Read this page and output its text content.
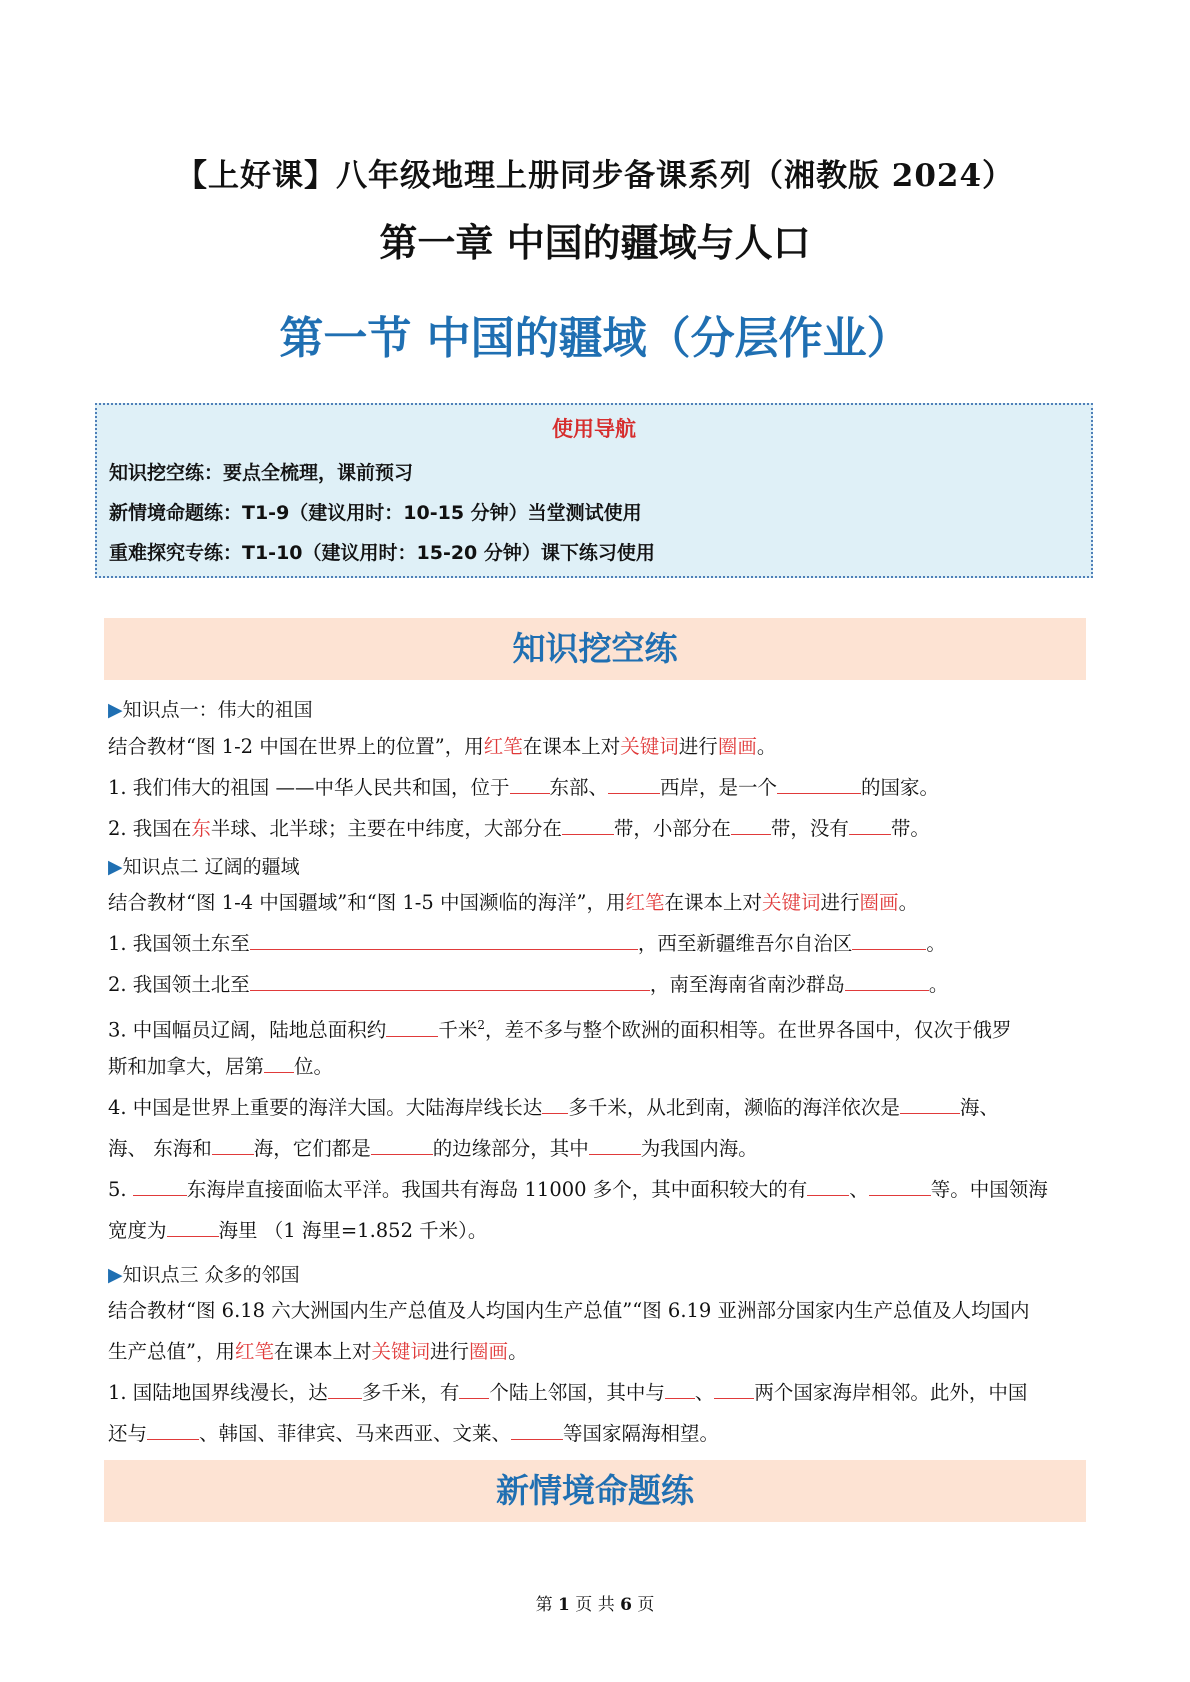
【上好课】八年级地理上册同步备课系列（湘教版 2024）
第一章 中国的疆域与人口
第一节 中国的疆域（分层作业）
使用导航
知识挖空练：要点全梳理，课前预习
新情境命题练：T1-9（建议用时：10-15 分钟）当堂测试使用
重难探究专练：T1-10（建议用时：15-20 分钟）课下练习使用
知识挖空练
▶知识点一：伟大的祖国
结合教材“图 1-2 中国在世界上的位置”，用红笔在课本上对关键词进行圈画。
1. 我们伟大的祖国 ——中华人民共和国，位于 东部、	西岸，是一个	的国家。
2. 我国在东半球、北半球；主要在中纬度，大部分在	带，小部分在 带，没有 带。
▶知识点二 辽阔的疆域
结合教材“图 1-4 中国疆域”和“图 1-5 中国濒临的海洋”，用红笔在课本上对关键词进行圈画。
1. 我国领土东至	，西至新疆维吾尔自治区	。
2. 我国领土北至	，南至海南省南沙群岛	。
3. 中国幅员辽阔，陆地总面积约	千米$^2$，差不多与整个欧洲的面积相等。在世界各国中，仅次于俄罗
斯和加拿大，居第 位。
4. 中国是世界上重要的海洋大国。大陆海岸线长达 多千米，从北到南，濒临的海洋依次是	海、
海、 东海和 海，它们都是	的边缘部分，其中	为我国内海。
5.	东海岸直接面临太平洋。我国共有海岛 11000 多个，其中面积较大的有 、	等。中国领海
宽度为	海里 （1 海里=1.852 千米）。
▶知识点三 众多的邻国
结合教材“图 6.18 六大洲国内生产总值及人均国内生产总值”“图 6.19 亚洲部分国家内生产总值及人均国内
生产总值”，用红笔在课本上对关键词进行圈画。
1. 国陆地国界线漫长，达 多千米，有 个陆上邻国，其中与 、 两个国家海岸相邻。此外，中国
还与	、韩国、菲律宾、马来西亚、文莱、	等国家隔海相望。
新情境命题练
第 1 页 共 6 页
